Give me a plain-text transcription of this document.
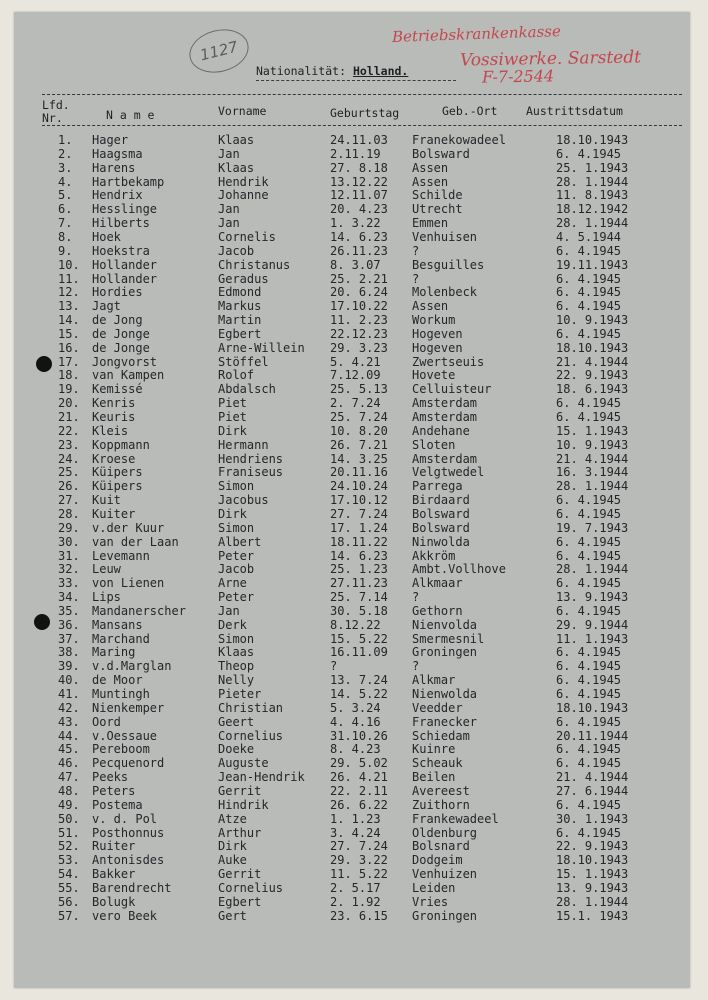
1127
Nationalität: Holland.
Betriebskrankenkasse
Vossiwerke. Sarstedt
F-7-2544
Lfd.
Nr.	N a m e	Vorname	Geburtstag	Geb.-Ort Austrittsdatum
1. Hager	Klaas	24.11.03 Franekowadeel	18.10.1943
2. Haagsma	Jan	2.11.19	Bolsward	6. 4.1945
3. Harens	Klaas	27. 8.18 Assen	25. 1.1943
4. Hartbekamp	Hendrik	13.12.22 Assen	28. 1.1944
5. Hendrix	Johanne	12.11.07 Schilde	11. 8.1943
6. Hesslinge	Jan	20. 4.23 Utrecht	18.12.1942
7. Hilberts	Jan	1. 3.22	Emmen	28. 1.1944
8. Hoek	Cornelis	14. 6.23 Venhuisen	4. 5.1944
9. Hoekstra	Jacob	26.11.23 ?	6. 4.1945
10. Hollander	Christanus	8. 3.07	Besguilles	19.11.1943
11. Hollander	Geradus	25. 2.21 ?	6. 4.1945
12. Hordies	Edmond	20. 6.24 Molenbeck	6. 4.1945
13. Jagt	Markus	17.10.22 Assen	6. 4.1945
14. de Jong	Martin	11. 2.23 Workum	10. 9.1943
15. de Jonge	Egbert	22.12.23 Hogeven	6. 4.1945
16. de Jonge	Arne-Willein 29. 3.23 Hogeven	18.10.1943
17. Jongvorst	Stöffel	5. 4.21	Zwertseuis	21. 4.1944
18. van Kampen	Rolof	7.12.09	Hovete	22. 9.1943
19. Kemissé	Abdalsch	25. 5.13 Celluisteur	18. 6.1943
20. Kenris	Piet	2. 7.24	Amsterdam	6. 4.1945
21. Keuris	Piet	25. 7.24 Amsterdam	6. 4.1945
22. Kleis	Dirk	10. 8.20 Andehane	15. 1.1943
23. Koppmann	Hermann	26. 7.21 Sloten	10. 9.1943
24. Kroese	Hendriens	14. 3.25 Amsterdam	21. 4.1944
25. Küipers	Franiseus	20.11.16 Velgtwedel	16. 3.1944
26. Küipers	Simon	24.10.24 Parrega	28. 1.1944
27. Kuit	Jacobus	17.10.12 Birdaard	6. 4.1945
28. Kuiter	Dirk	27. 7.24 Bolsward	6. 4.1945
29. v.der Kuur	Simon	17. 1.24 Bolsward	19. 7.1943
30. van der Laan	Albert	18.11.22 Ninwolda	6. 4.1945
31. Levemann	Peter	14. 6.23 Akkröm	6. 4.1945
32. Leuw	Jacob	25. 1.23 Ambt.Vollhove	28. 1.1944
33. von Lienen	Arne	27.11.23 Alkmaar	6. 4.1945
34. Lips	Peter	25. 7.14 ?	13. 9.1943
35. Mandanerscher	Jan	30. 5.18 Gethorn	6. 4.1945
36. Mansans	Derk	8.12.22	Nienvolda	29. 9.1944
37. Marchand	Simon	15. 5.22 Smermesnil	11. 1.1943
38. Maring	Klaas	16.11.09 Groningen	6. 4.1945
39. v.d.Marglan	Theop	?	?	6. 4.1945
40. de Moor	Nelly	13. 7.24 Alkmar	6. 4.1945
41. Muntingh	Pieter	14. 5.22 Nienwolda	6. 4.1945
42. Nienkemper	Christian	5. 3.24	Veedder	18.10.1943
43. Oord	Geert	4. 4.16	Franecker	6. 4.1945
44. v.Oessaue	Cornelius	31.10.26 Schiedam	20.11.1944
45. Pereboom	Doeke	8. 4.23	Kuinre	6. 4.1945
46. Pecquenord	Auguste	29. 5.02 Scheauk	6. 4.1945
47. Peeks	Jean-Hendrik 26. 4.21 Beilen	21. 4.1944
48. Peters	Gerrit	22. 2.11 Avereest	27. 6.1944
49. Postema	Hindrik	26. 6.22 Zuithorn	6. 4.1945
50. v. d. Pol	Atze	1. 1.23	Frankewadeel	30. 1.1943
51. Posthonnus	Arthur	3. 4.24	Oldenburg	6. 4.1945
52. Ruiter	Dirk	27. 7.24 Bolsnard	22. 9.1943
53. Antonisdes	Auke	29. 3.22 Dodgeim	18.10.1943
54. Bakker	Gerrit	11. 5.22 Venhuizen	15. 1.1943
55. Barendrecht	Cornelius	2. 5.17	Leiden	13. 9.1943
56. Bolugk	Egbert	2. 1.92	Vries	28. 1.1944
57. vero Beek	Gert	23. 6.15 Groningen	15.1. 1943
